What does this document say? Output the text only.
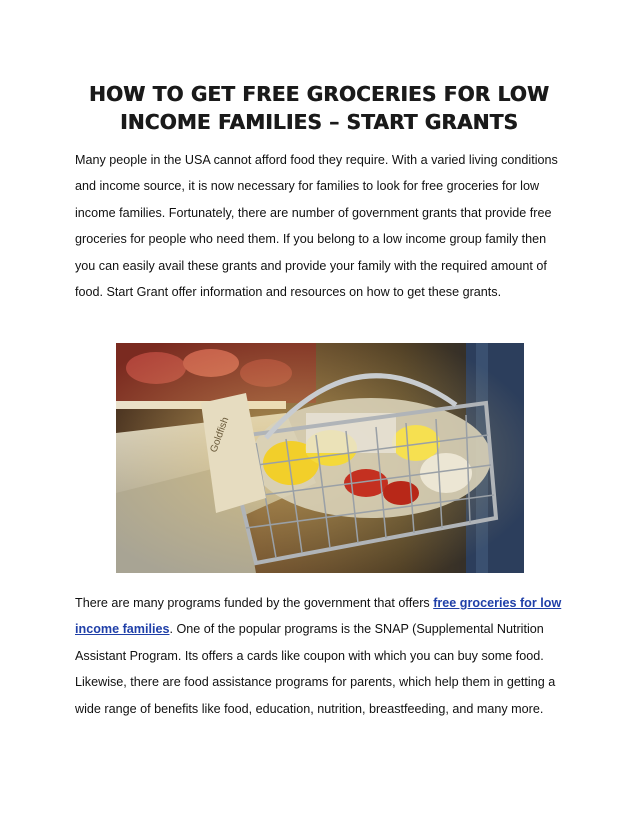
HOW TO GET FREE GROCERIES FOR LOW
INCOME FAMILIES – START GRANTS

Many people in the USA cannot afford food they require. With a varied living conditions and income source, it is now necessary for families to look for free groceries for low income families. Fortunately, there are number of government grants that provide free groceries for people who need them. If you belong to a low income group family then you can easily avail these grants and provide your family with the required amount of food. Start Grant offer information and resources on how to get these grants.

Goldfish

There are many programs funded by the government that offers free groceries for low income families. One of the popular programs is the SNAP (Supplemental Nutrition Assistant Program. Its offers a cards like coupon with which you can buy some food. Likewise, there are food assistance programs for parents, which help them in getting a wide range of benefits like food, education, nutrition, breastfeeding, and many more.
